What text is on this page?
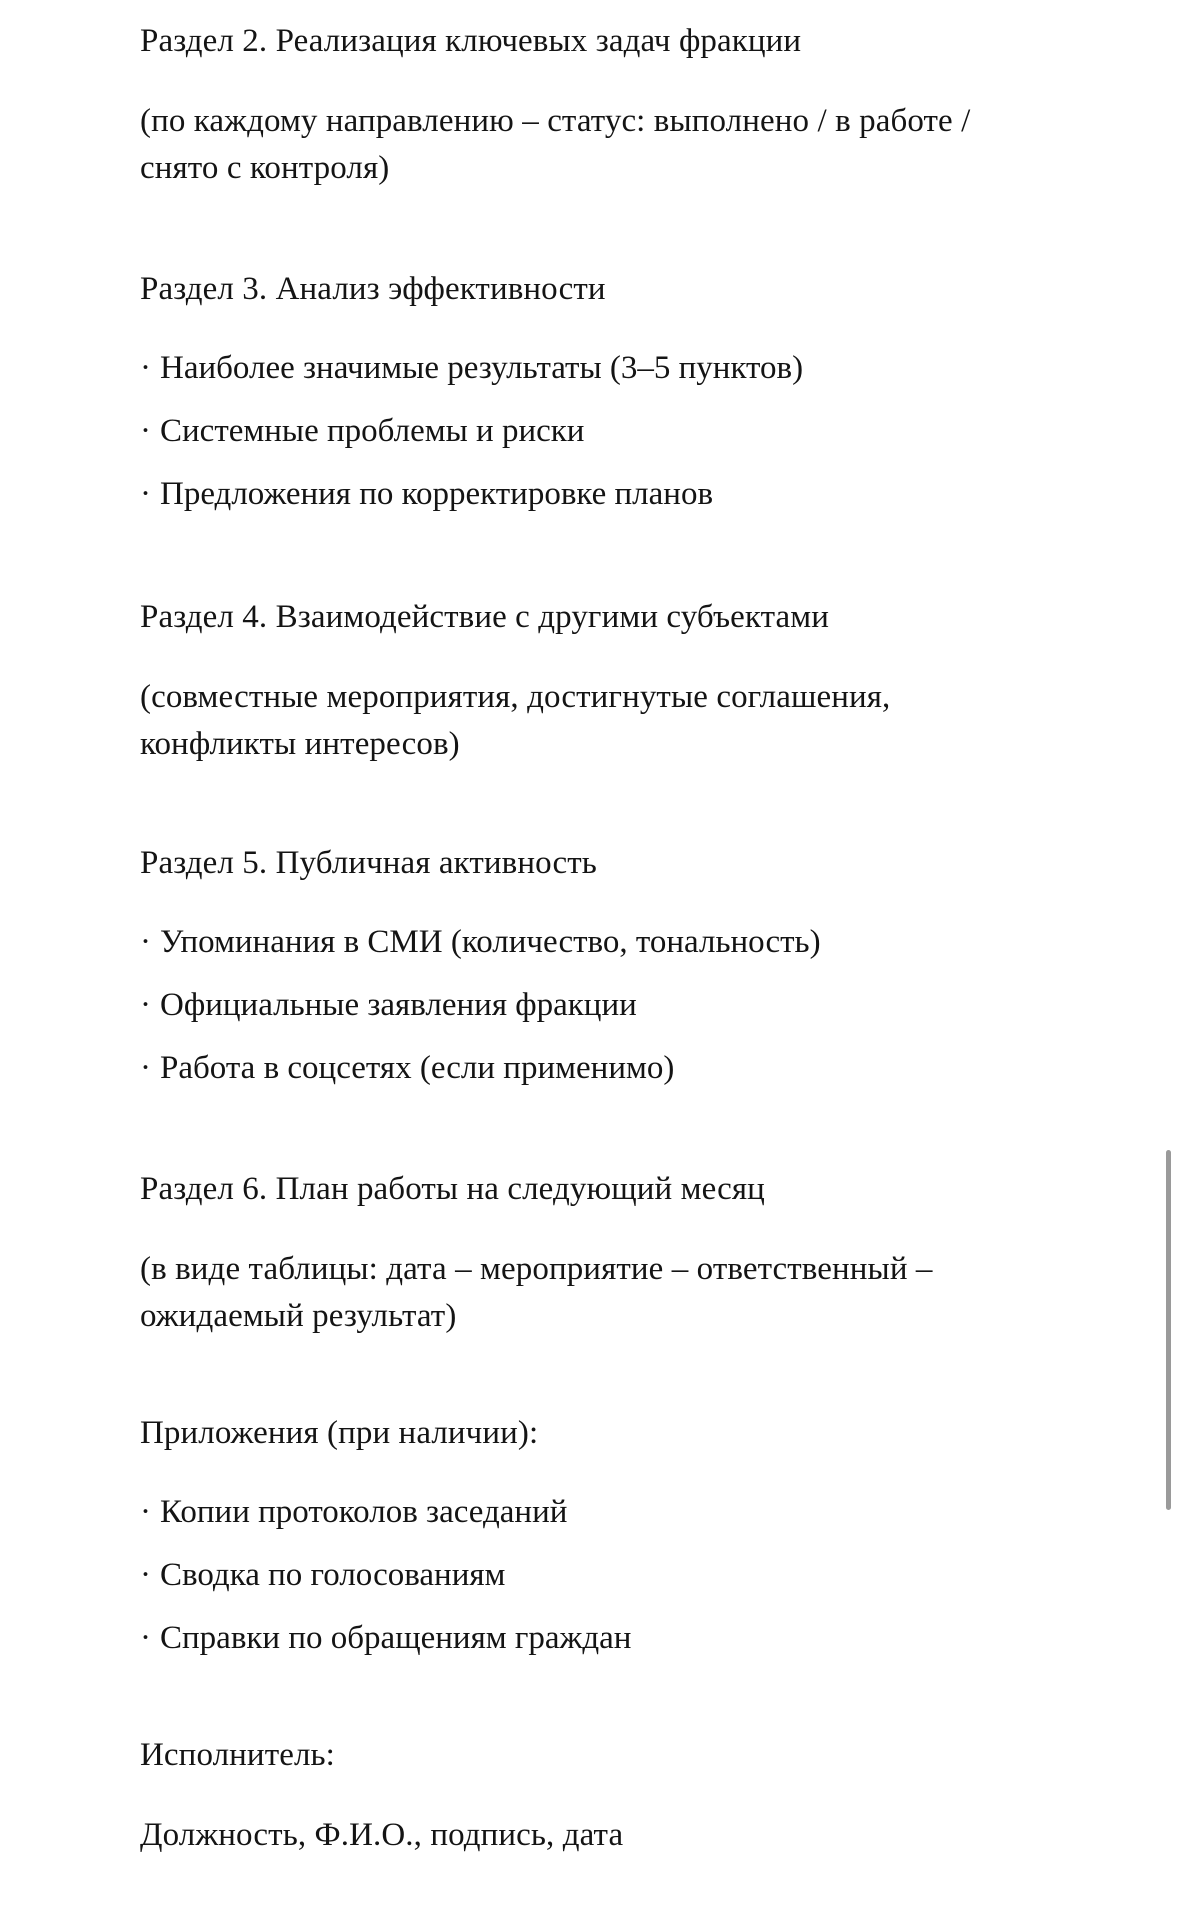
Раздел 2. Реализация ключевых задач фракции

(по каждому направлению – статус: выполнено / в работе / снято с контроля)

Раздел 3. Анализ эффективности

· Наиболее значимые результаты (3–5 пунктов)
· Системные проблемы и риски
· Предложения по корректировке планов

Раздел 4. Взаимодействие с другими субъектами

(совместные мероприятия, достигнутые соглашения, конфликты интересов)

Раздел 5. Публичная активность

· Упоминания в СМИ (количество, тональность)
· Официальные заявления фракции
· Работа в соцсетях (если применимо)

Раздел 6. План работы на следующий месяц

(в виде таблицы: дата – мероприятие – ответственный – ожидаемый результат)

Приложения (при наличии):

· Копии протоколов заседаний
· Сводка по голосованиям
· Справки по обращениям граждан

Исполнитель:

Должность, Ф.И.О., подпись, дата
